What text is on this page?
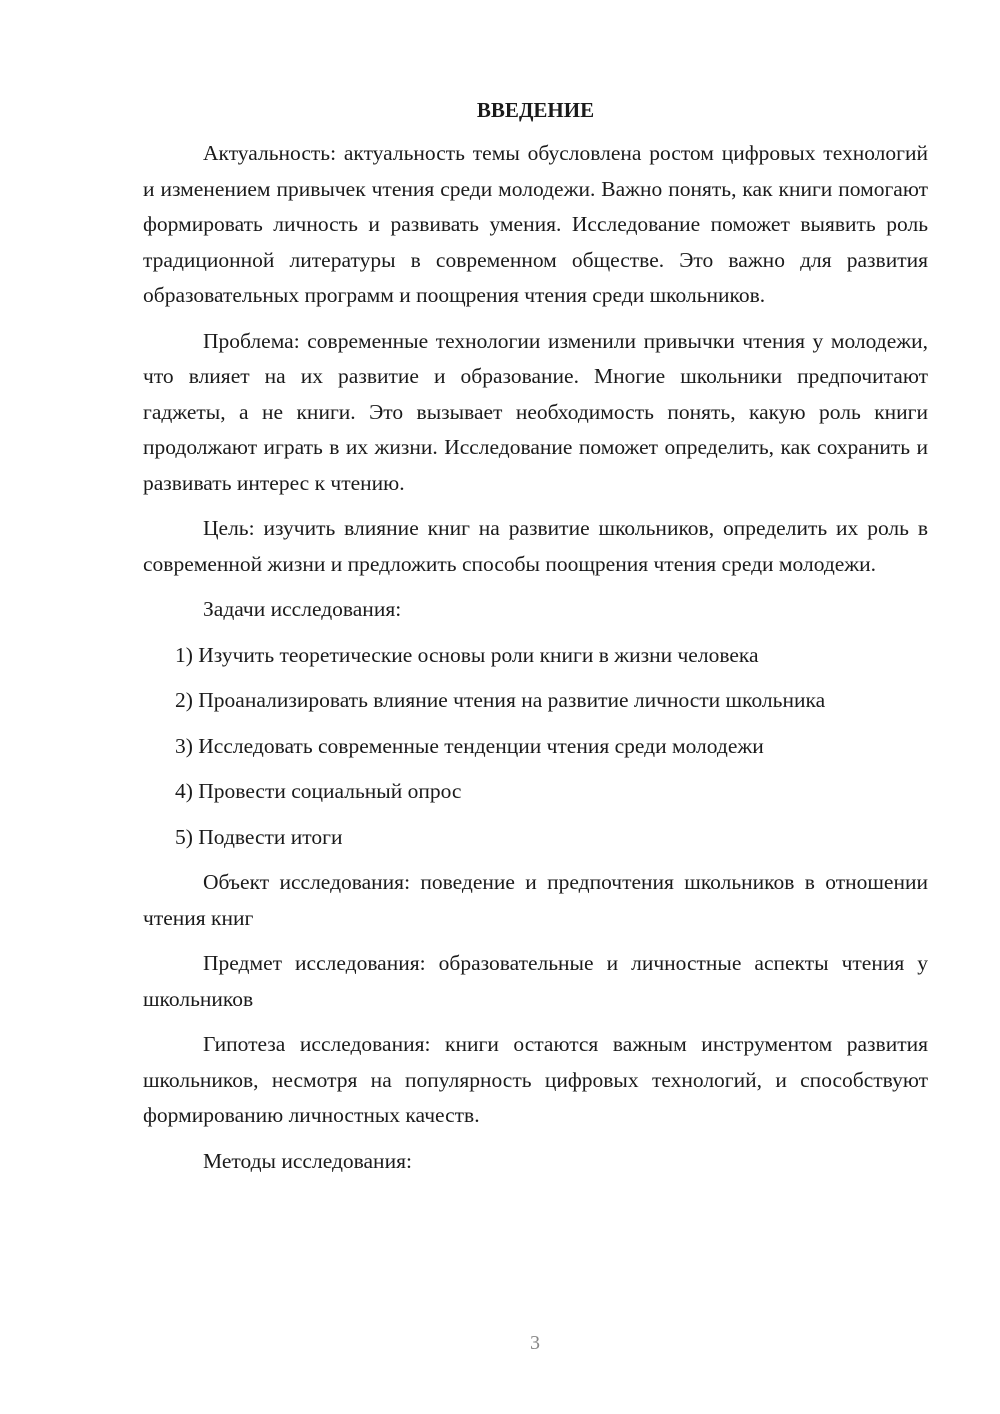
ВВЕДЕНИЕ

Актуальность: актуальность темы обусловлена ростом цифровых технологий и изменением привычек чтения среди молодежи. Важно понять, как книги помогают формировать личность и развивать умения. Исследование поможет выявить роль традиционной литературы в современном обществе. Это важно для развития образовательных программ и поощрения чтения среди школьников.

Проблема: современные технологии изменили привычки чтения у молодежи, что влияет на их развитие и образование. Многие школьники предпочитают гаджеты, а не книги. Это вызывает необходимость понять, какую роль книги продолжают играть в их жизни. Исследование поможет определить, как сохранить и развивать интерес к чтению.

Цель: изучить влияние книг на развитие школьников, определить их роль в современной жизни и предложить способы поощрения чтения среди молодежи.

Задачи исследования:

1) Изучить теоретические основы роли книги в жизни человека

2) Проанализировать влияние чтения на развитие личности школьника

3) Исследовать современные тенденции чтения среди молодежи

4) Провести социальный опрос

5) Подвести итоги

Объект исследования: поведение и предпочтения школьников в отношении чтения книг

Предмет исследования: образовательные и личностные аспекты чтения у школьников

Гипотеза исследования: книги остаются важным инструментом развития школьников, несмотря на популярность цифровых технологий, и способствуют формированию личностных качеств.

Методы исследования:

3
